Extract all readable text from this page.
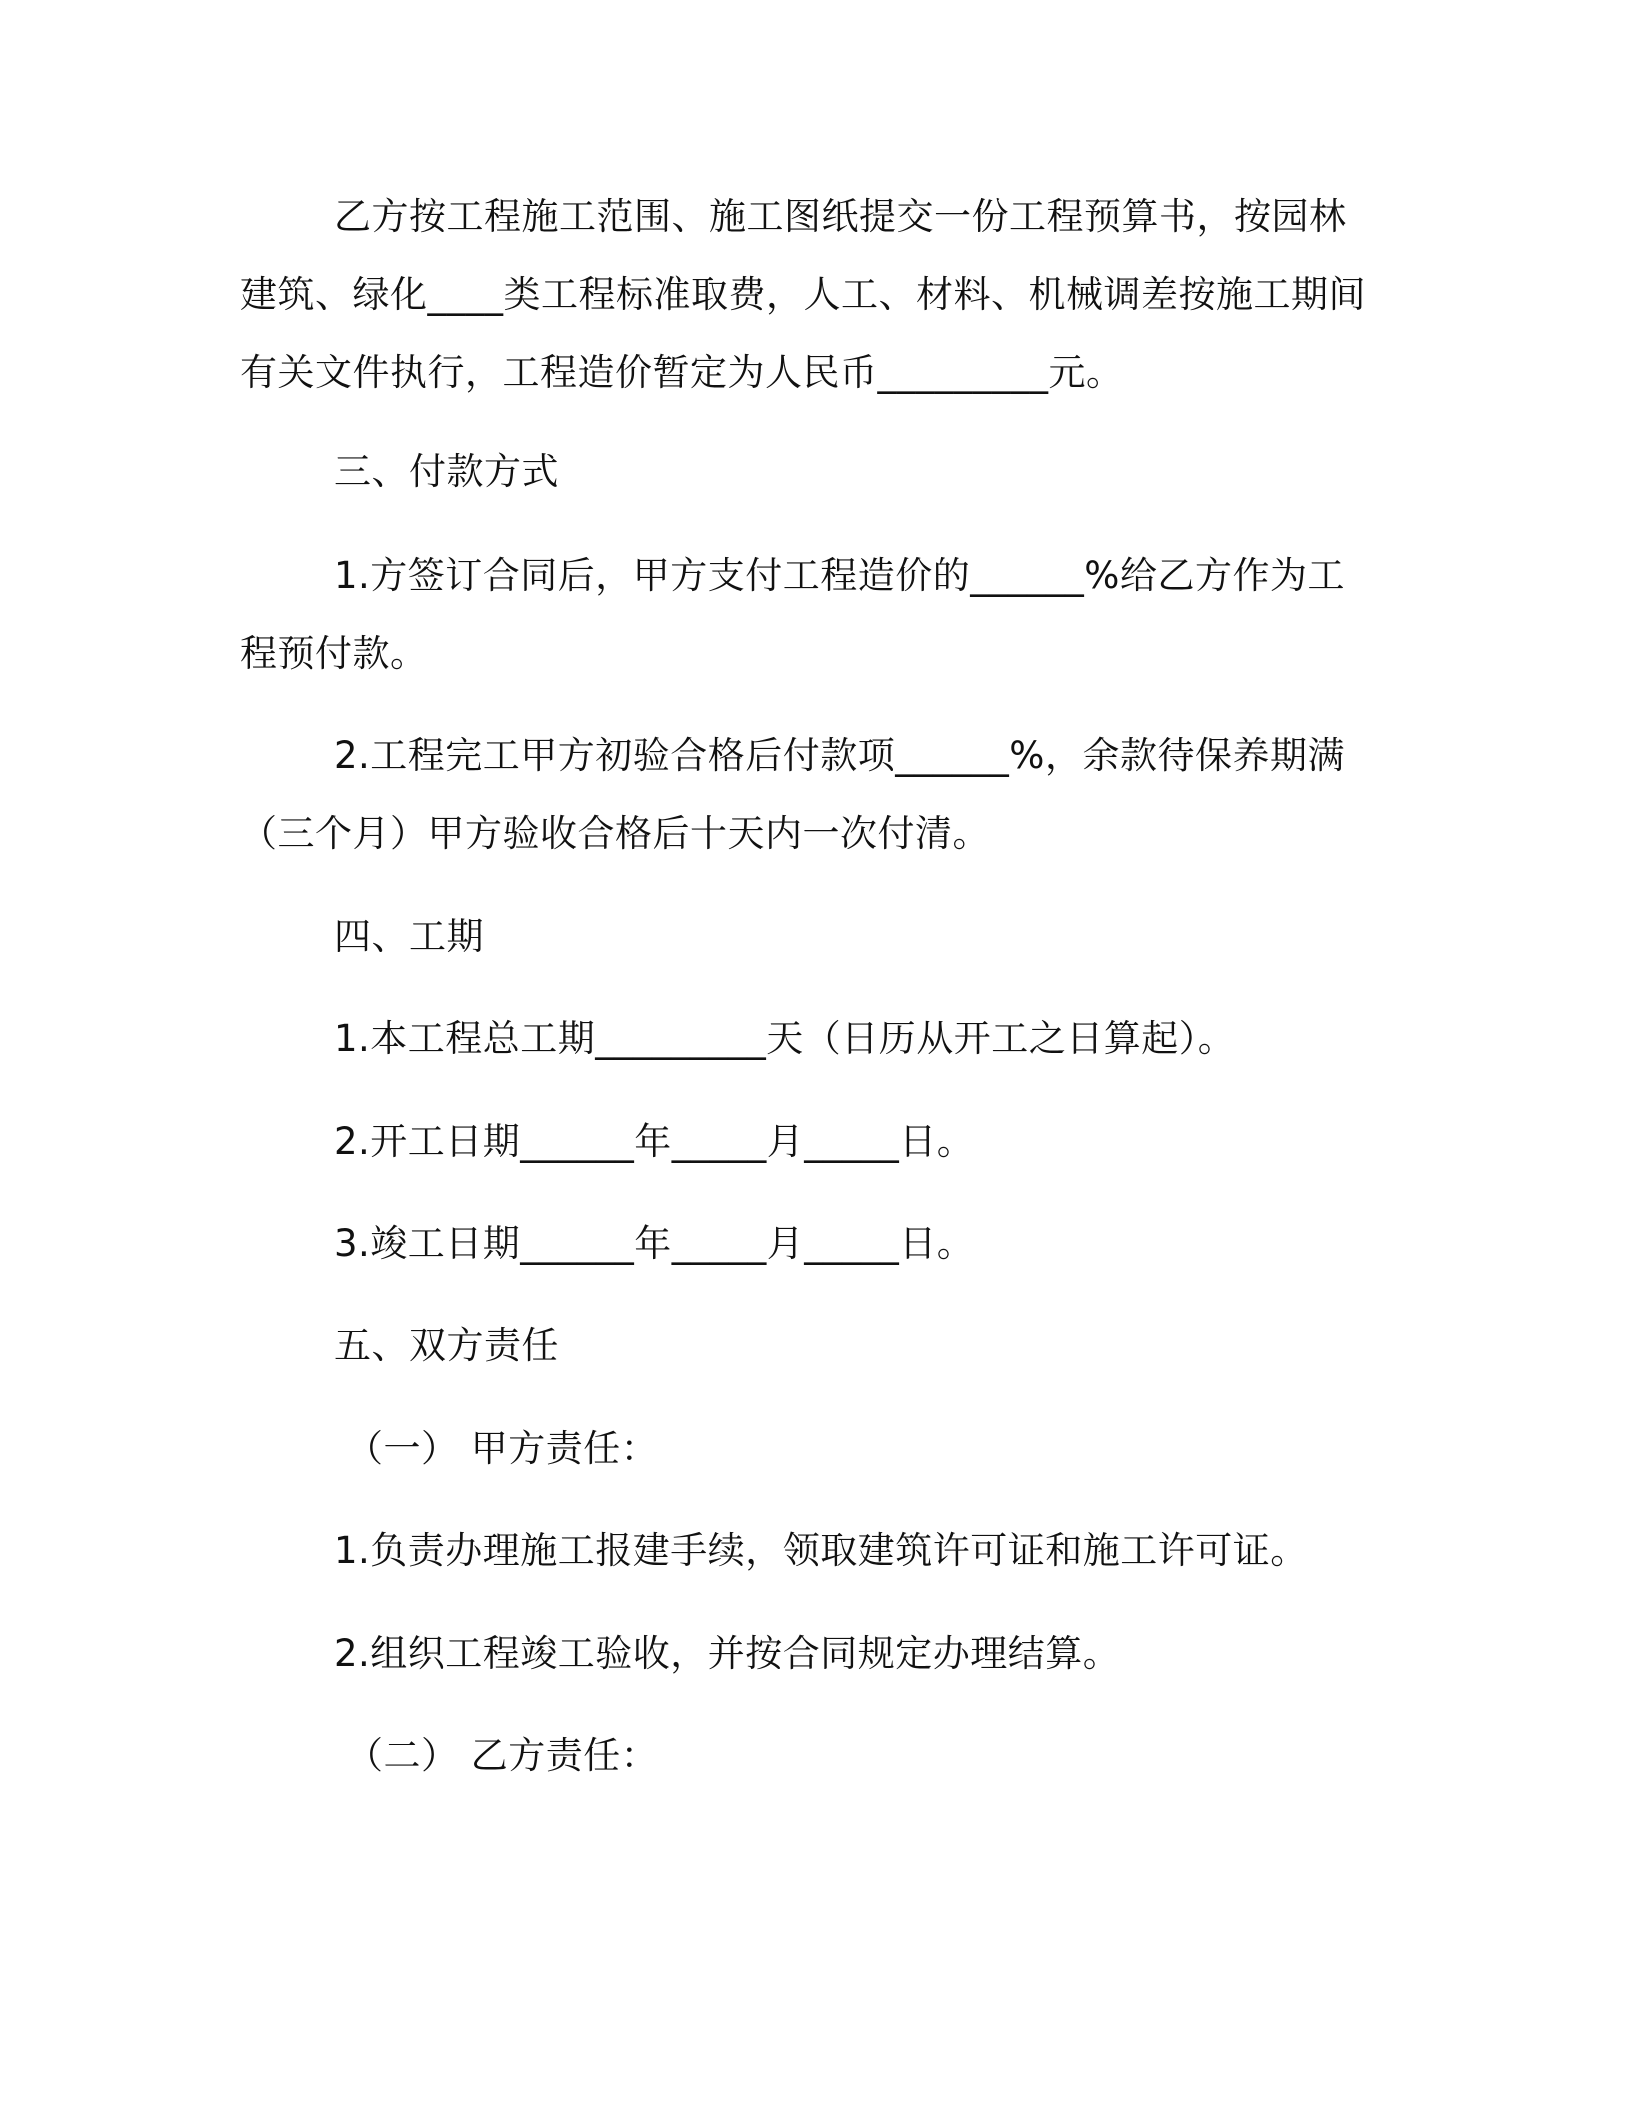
乙方按工程施工范围、施工图纸提交一份工程预算书，按园林建筑、绿化____类工程标准取费，人工、材料、机械调差按施工期间有关文件执行，工程造价暂定为人民币_________元。
三、付款方式
1.方签订合同后，甲方支付工程造价的______%给乙方作为工程预付款。
2.工程完工甲方初验合格后付款项______%，余款待保养期满（三个月）甲方验收合格后十天内一次付清。
四、工期
1.本工程总工期_________天（日历从开工之日算起）。
2.开工日期______年_____月_____日。
3.竣工日期______年_____月_____日。
五、双方责任
（一） 甲方责任：
1.负责办理施工报建手续，领取建筑许可证和施工许可证。
2.组织工程竣工验收，并按合同规定办理结算。
（二） 乙方责任：
